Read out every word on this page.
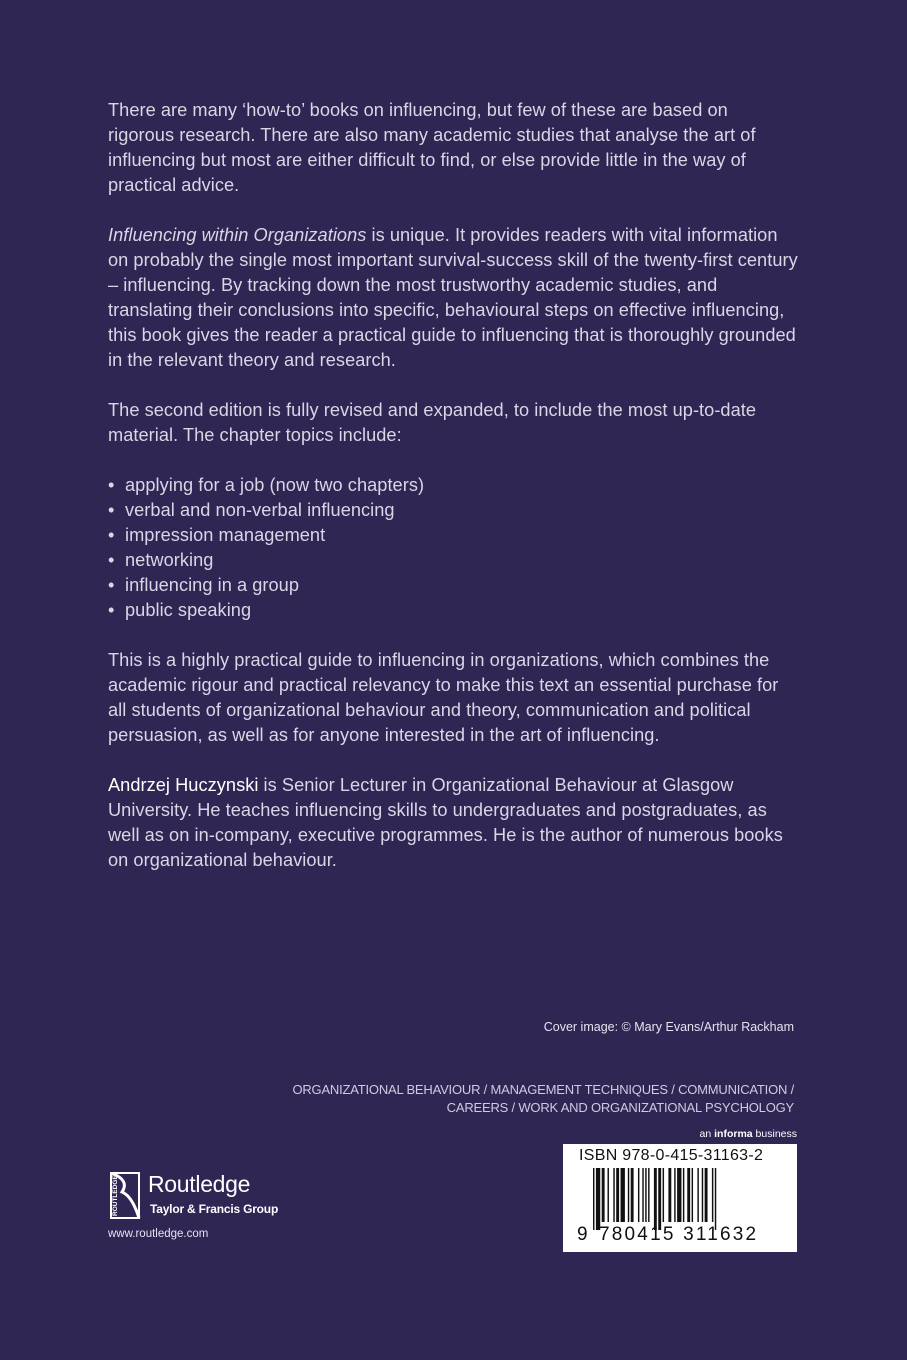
There are many ‘how-to’ books on influencing, but few of these are based on rigorous research. There are also many academic studies that analyse the art of influencing but most are either difficult to find, or else provide little in the way of practical advice.

Influencing within Organizations is unique. It provides readers with vital information on probably the single most important survival-success skill of the twenty-first century – influencing. By tracking down the most trustworthy academic studies, and translating their conclusions into specific, behavioural steps on effective influencing, this book gives the reader a practical guide to influencing that is thoroughly grounded in the relevant theory and research.

The second edition is fully revised and expanded, to include the most up-to-date material. The chapter topics include:

• applying for a job (now two chapters)
• verbal and non-verbal influencing
• impression management
• networking
• influencing in a group
• public speaking

This is a highly practical guide to influencing in organizations, which combines the academic rigour and practical relevancy to make this text an essential purchase for all students of organizational behaviour and theory, communication and political persuasion, as well as for anyone interested in the art of influencing.

Andrzej Huczynski is Senior Lecturer in Organizational Behaviour at Glasgow University. He teaches influencing skills to undergraduates and postgraduates, as well as on in-company, executive programmes. He is the author of numerous books on organizational behaviour.

Cover image: © Mary Evans/Arthur Rackham
ORGANIZATIONAL BEHAVIOUR / MANAGEMENT TECHNIQUES / COMMUNICATION /
CAREERS / WORK AND ORGANIZATIONAL PSYCHOLOGY
an informa business
ISBN 978-0-415-31163-2
9 780415 311632
ROUTLEDGE Routledge
Taylor & Francis Group
www.routledge.com
